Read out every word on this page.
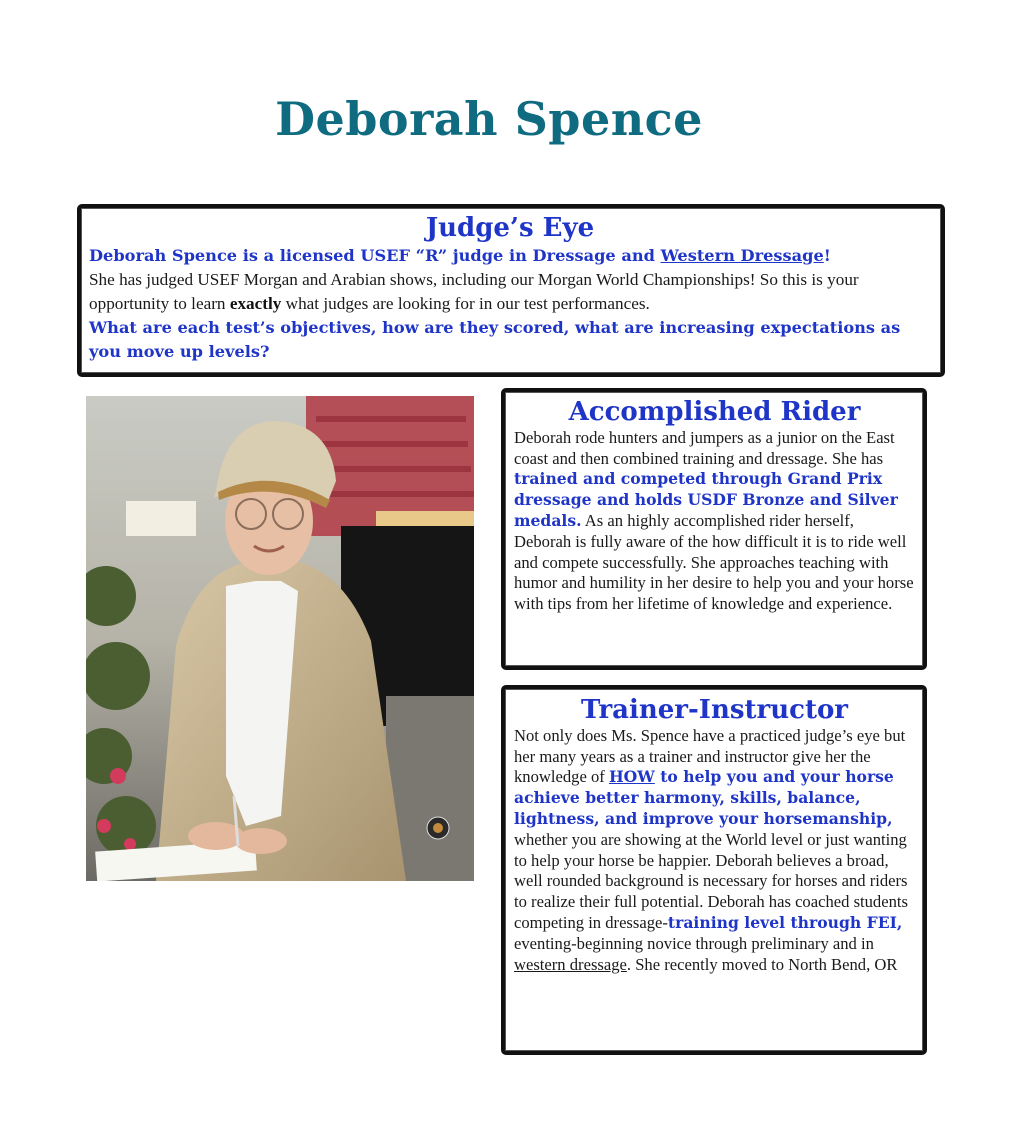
Deborah Spence
Judge’s Eye

Deborah Spence is a licensed USEF “R” judge in Dressage and Western Dressage!

She has judged USEF Morgan and Arabian shows, including our Morgan World Championships! So this is your opportunity to learn exactly what judges are looking for in our test performances.

What are each test’s objectives, how are they scored, what are increasing expectations as you move up levels?

Accomplished Rider

Deborah rode hunters and jumpers as a junior on the East coast and then combined training and dressage. She has trained and competed through Grand Prix dressage and holds USDF Bronze and Silver medals. As an highly accomplished rider herself, Deborah is fully aware of the how difficult it is to ride well and compete successfully. She approaches teaching with humor and humility in her desire to help you and your horse with tips from her lifetime of knowledge and experience.

Trainer-Instructor

Not only does Ms. Spence have a practiced judge’s eye but her many years as a trainer and instructor give her the knowledge of HOW to help you and your horse achieve better harmony, skills, balance, lightness, and improve your horsemanship, whether you are showing at the World level or just wanting to help your horse be happier. Deborah believes a broad, well rounded background is necessary for horses and riders to realize their full potential. Deborah has coached students competing in dressage-training level through FEI, eventing-beginning novice through preliminary and in western dressage. She recently moved to North Bend, OR
